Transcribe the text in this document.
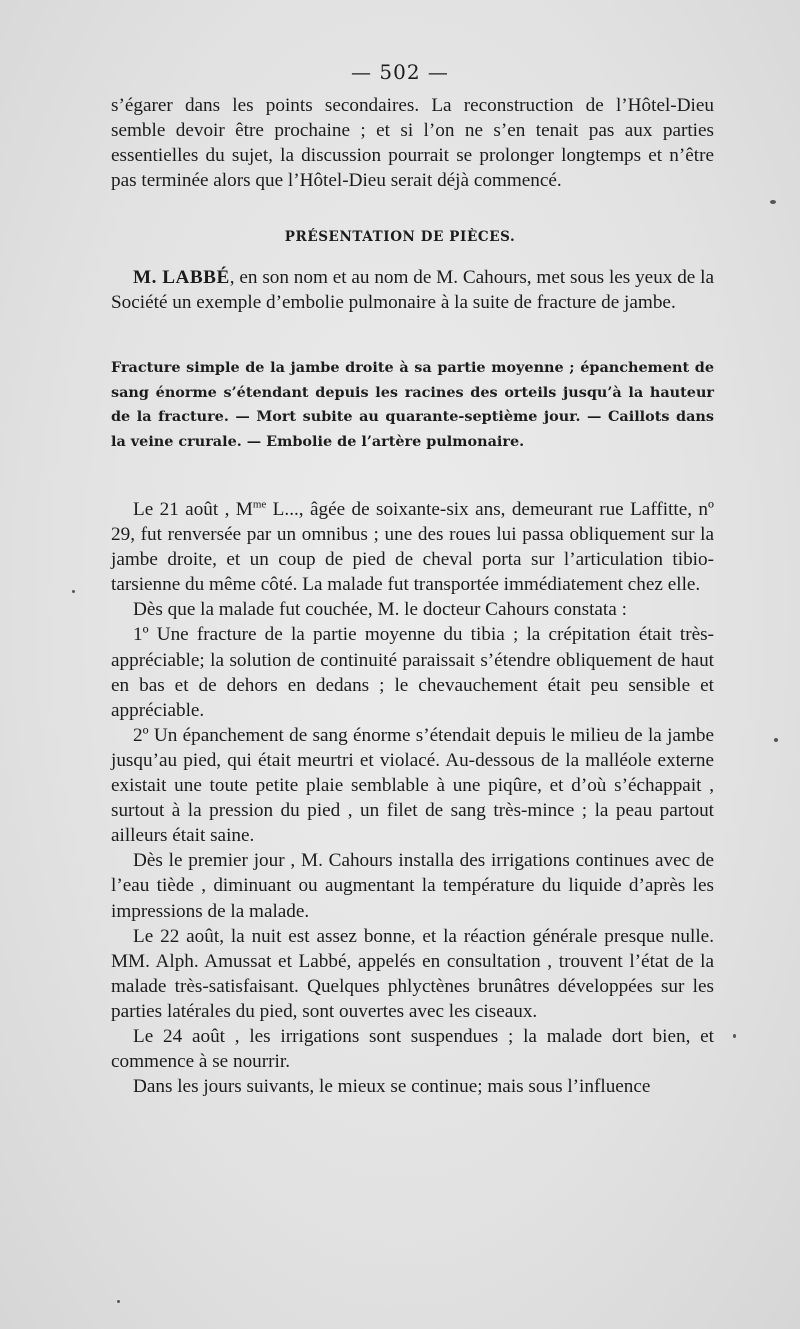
— 502 —

s’égarer dans les points secondaires. La reconstruction de l’Hôtel-Dieu semble devoir être prochaine ; et si l’on ne s’en tenait pas aux parties essentielles du sujet, la discussion pourrait se prolonger longtemps et n’être pas terminée alors que l’Hôtel-Dieu serait déjà commencé.

PRÉSENTATION DE PIÈCES.

M. LABBÉ, en son nom et au nom de M. Cahours, met sous les yeux de la Société un exemple d’embolie pulmonaire à la suite de fracture de jambe.

Fracture simple de la jambe droite à sa partie moyenne ; épanchement de sang énorme s’étendant depuis les racines des orteils jusqu’à la hauteur de la fracture. — Mort subite au quarante-septième jour. — Caillots dans la veine crurale. — Embolie de l’artère pulmonaire.

Le 21 août , $M^{me}$ L..., âgée de soixante-six ans, demeurant rue Laffitte, nº 29, fut renversée par un omnibus ; une des roues lui passa obliquement sur la jambe droite, et un coup de pied de cheval porta sur l’articulation tibio-tarsienne du même côté. La malade fut transportée immédiatement chez elle.

Dès que la malade fut couchée, M. le docteur Cahours constata :

1º Une fracture de la partie moyenne du tibia ; la crépitation était très-appréciable; la solution de continuité paraissait s’étendre obliquement de haut en bas et de dehors en dedans ; le chevauchement était peu sensible et appréciable.

2º Un épanchement de sang énorme s’étendait depuis le milieu de la jambe jusqu’au pied, qui était meurtri et violacé. Au-dessous de la malléole externe existait une toute petite plaie semblable à une piqûre, et d’où s’échappait , surtout à la pression du pied , un filet de sang très-mince ; la peau partout ailleurs était saine.

Dès le premier jour , M. Cahours installa des irrigations continues avec de l’eau tiède , diminuant ou augmentant la température du liquide d’après les impressions de la malade.

Le 22 août, la nuit est assez bonne, et la réaction générale presque nulle. MM. Alph. Amussat et Labbé, appelés en consultation , trouvent l’état de la malade très-satisfaisant. Quelques phlyctènes brunâtres développées sur les parties latérales du pied, sont ouvertes avec les ciseaux.

Le 24 août , les irrigations sont suspendues ; la malade dort bien, et commence à se nourrir.

Dans les jours suivants, le mieux se continue; mais sous l’influence
